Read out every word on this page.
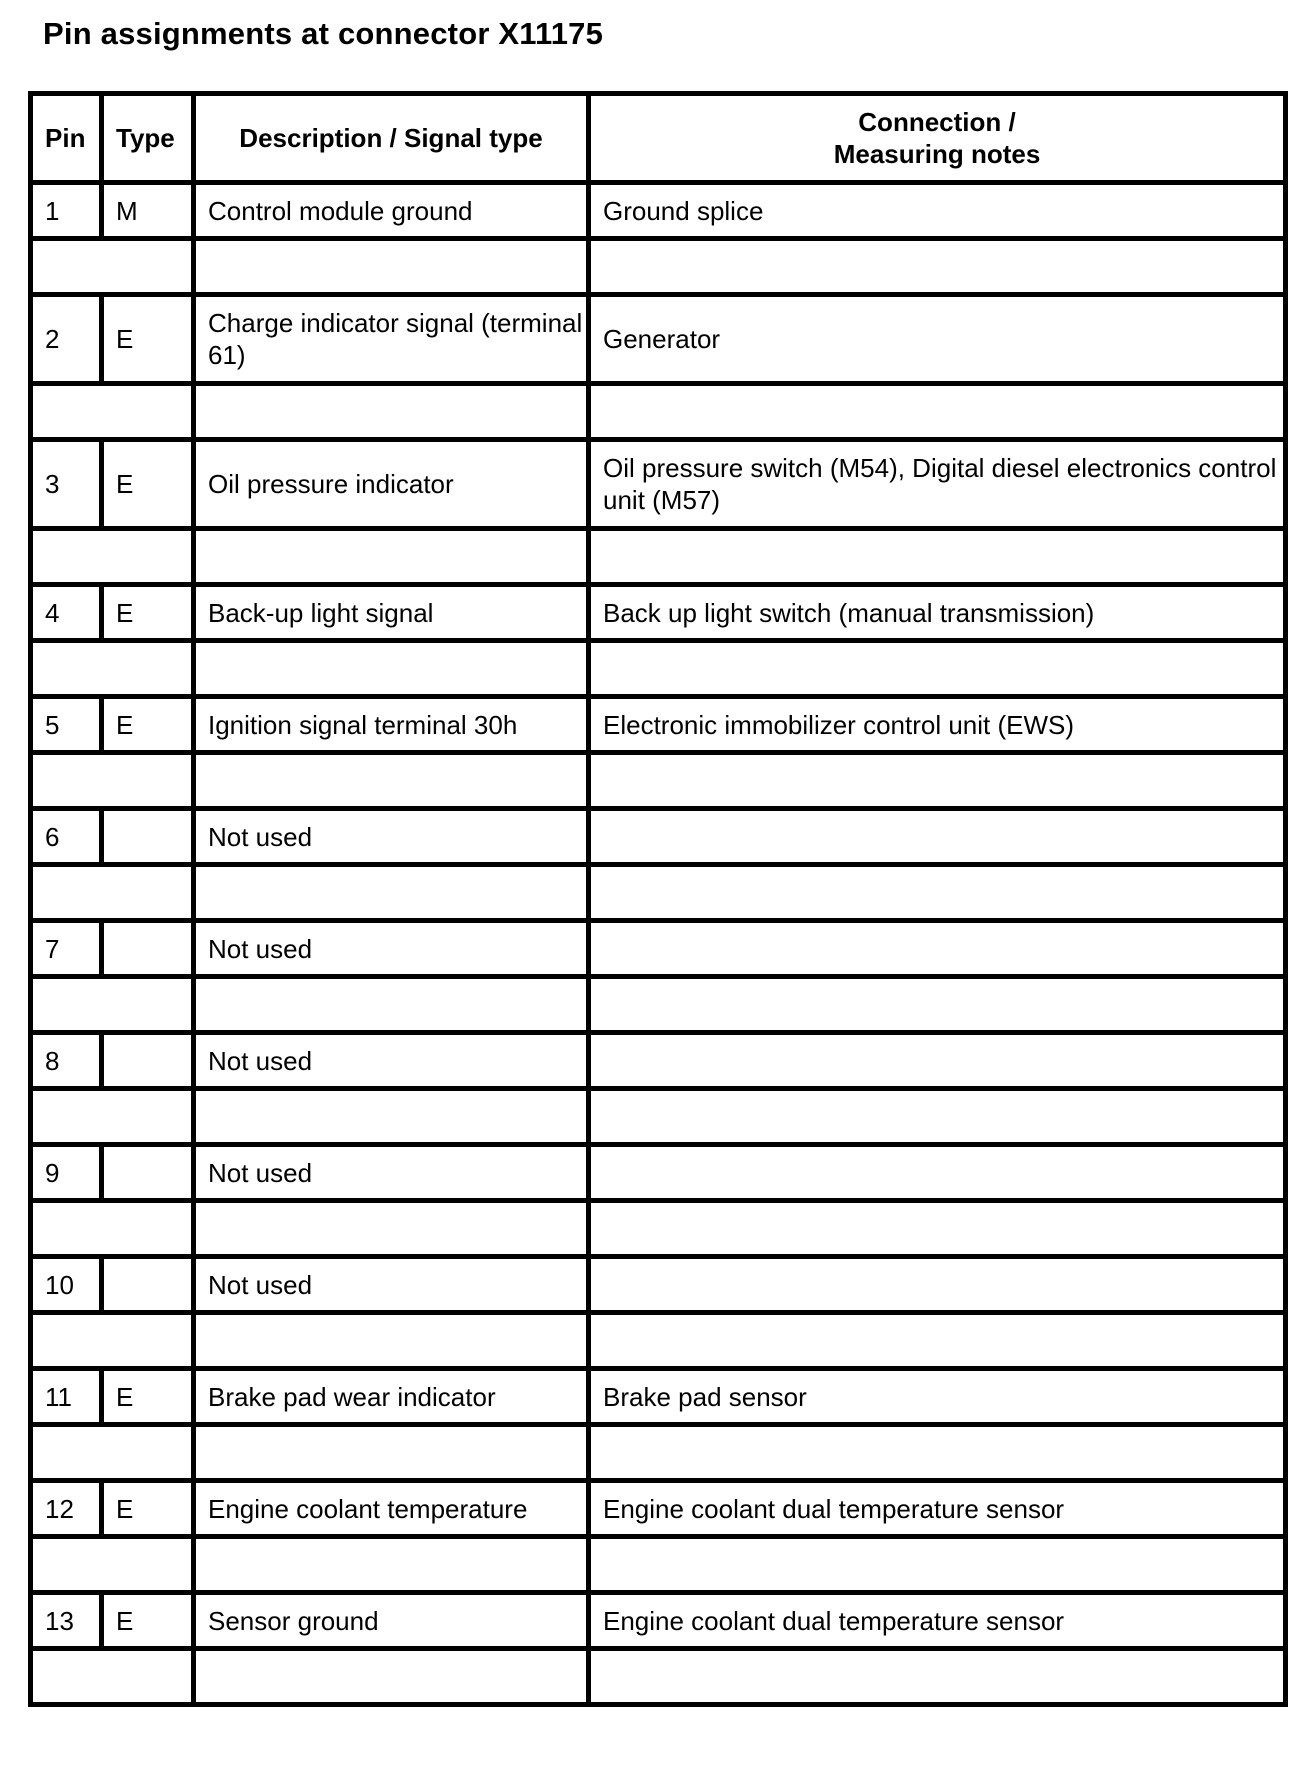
Pin assignments at connector X11175
Pin	Type	Description / Signal type	Connection /
Measuring notes
1	M	Control module ground	Ground splice

2	E	Charge indicator signal (terminal 61)	Generator

3	E	Oil pressure indicator	Oil pressure switch (M54), Digital diesel electronics control unit (M57)

4	E	Back-up light signal	Back up light switch (manual transmission)

5	E	Ignition signal terminal 30h	Electronic immobilizer control unit (EWS)

6		Not used	

7		Not used	

8		Not used	

9		Not used	

10		Not used	

11	E	Brake pad wear indicator	Brake pad sensor

12	E	Engine coolant temperature	Engine coolant dual temperature sensor

13	E	Sensor ground	Engine coolant dual temperature sensor
